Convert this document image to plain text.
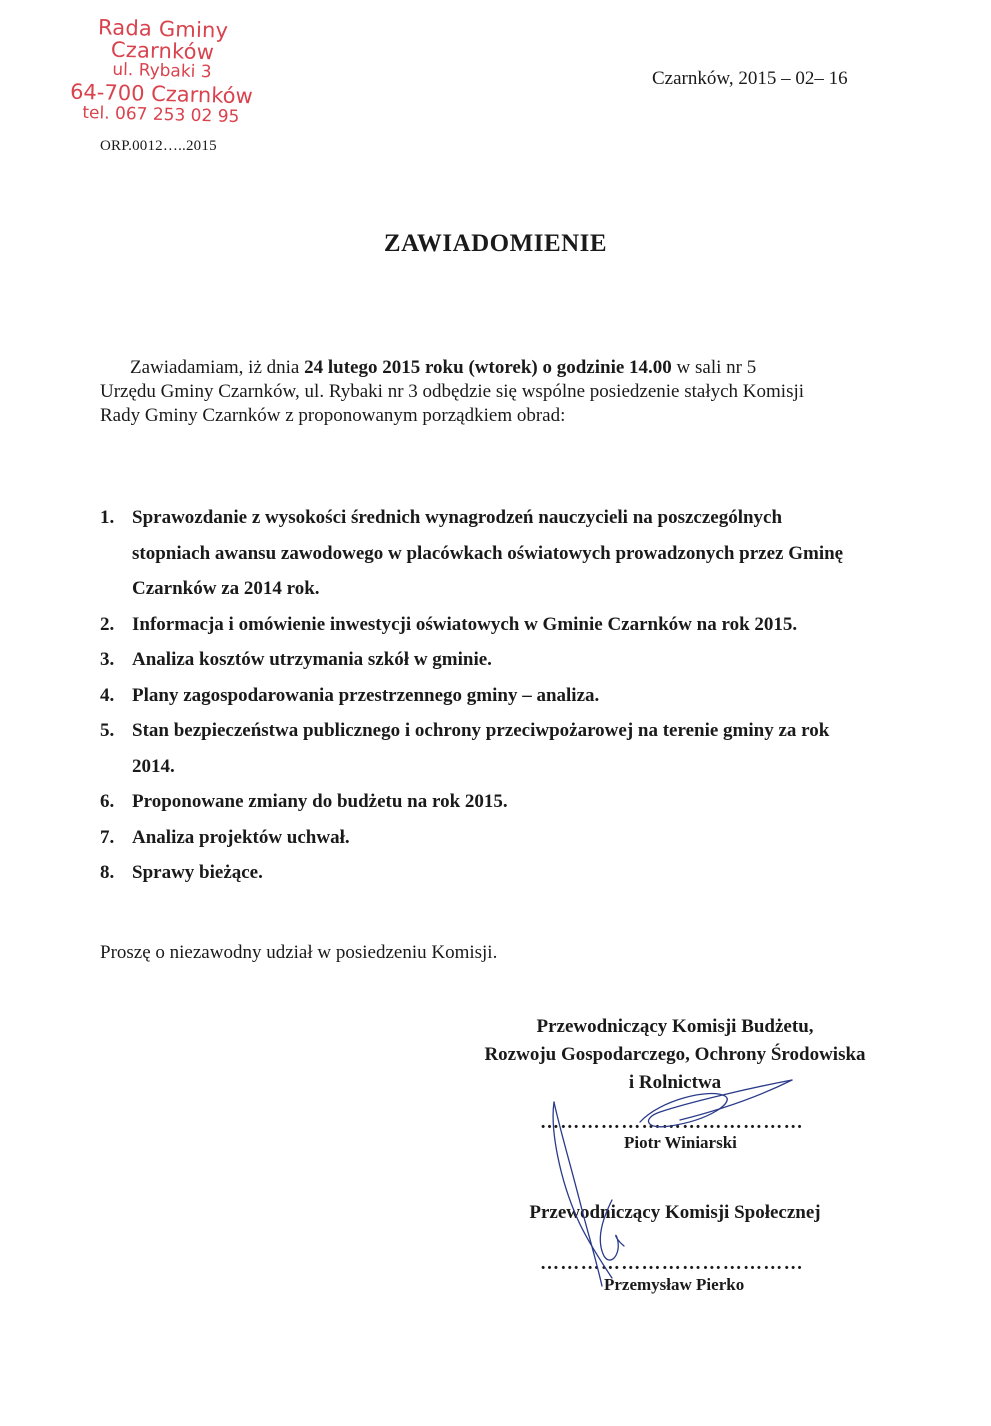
Rada Gminy Czarnków
ul. Rybaki 3
64-700 Czarnków
tel. 067 253 02 95
Czarnków, 2015 – 02– 16
ORP.0012…..2015
ZAWIADOMIENIE
Zawiadamiam, iż dnia 24 lutego 2015 roku (wtorek) o godzinie 14.00 w sali nr 5
Urzędu Gminy Czarnków, ul. Rybaki nr 3 odbędzie się wspólne posiedzenie stałych Komisji
Rady Gminy Czarnków z proponowanym porządkiem obrad:
1. Sprawozdanie z wysokości średnich wynagrodzeń nauczycieli na poszczególnych
stopniach awansu zawodowego w placówkach oświatowych prowadzonych przez Gminę
Czarnków za 2014 rok.
2. Informacja i omówienie inwestycji oświatowych w Gminie Czarnków na rok 2015.
3. Analiza kosztów utrzymania szkół w gminie.
4. Plany zagospodarowania przestrzennego gminy – analiza.
5. Stan bezpieczeństwa publicznego i ochrony przeciwpożarowej na terenie gminy za rok
2014.
6. Proponowane zmiany do budżetu na rok 2015.
7. Analiza projektów uchwał.
8. Sprawy bieżące.
Proszę o niezawodny udział w posiedzeniu Komisji.
Przewodniczący Komisji Budżetu,
Rozwoju Gospodarczego, Ochrony Środowiska
i Rolnictwa
…………………………………
Piotr Winiarski
Przewodniczący Komisji Społecznej
…………………………………
Przemysław Pierko
